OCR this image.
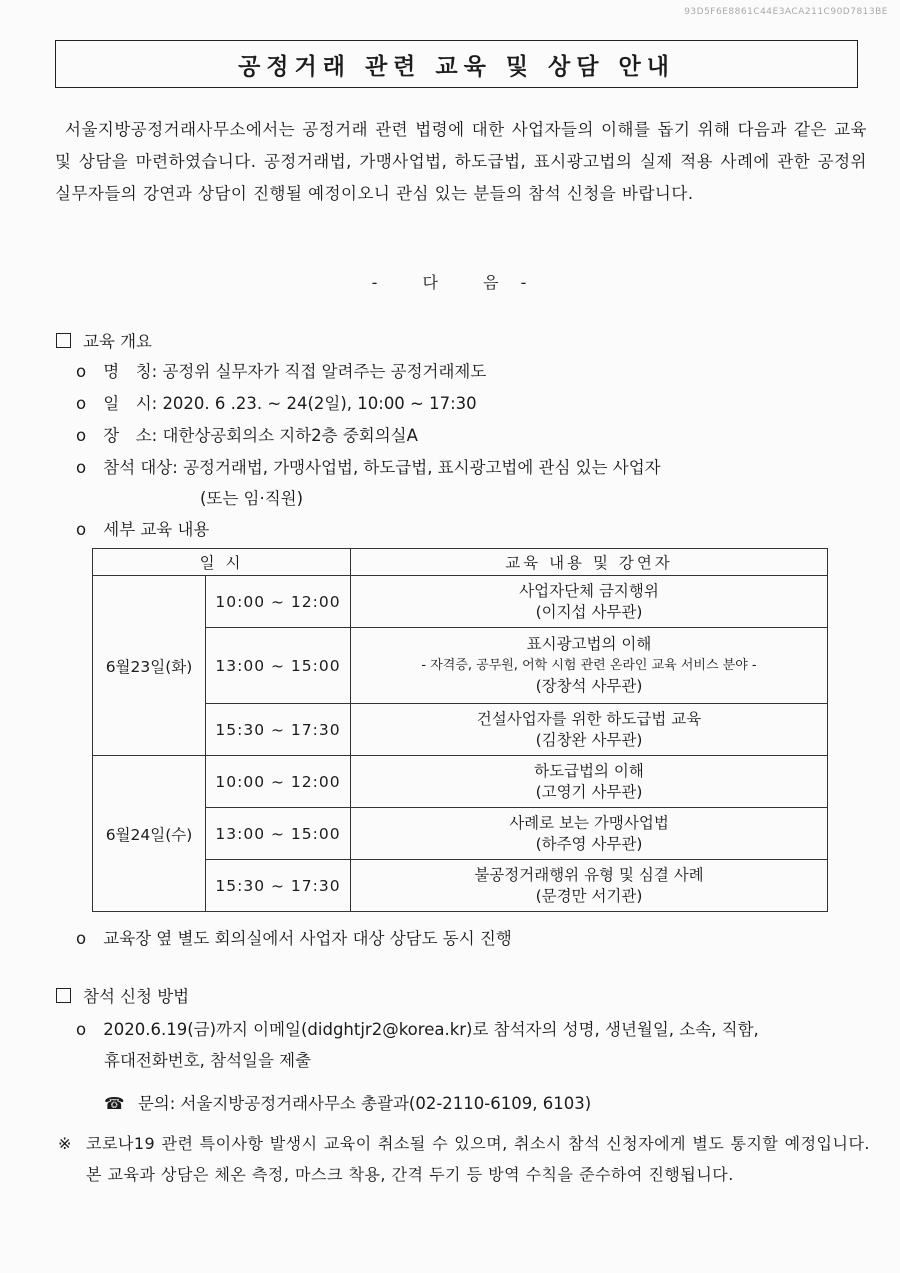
93D5F6E8861C44E3ACA211C90D7813BE
공정거래 관련 교육 및 상담 안내
서울지방공정거래사무소에서는 공정거래 관련 법령에 대한 사업자들의 이해를 돕기 위해 다음과 같은 교육 및 상담을 마련하였습니다. 공정거래법, 가맹사업법, 하도급법, 표시광고법의 실제 적용 사례에 관한 공정위 실무자들의 강연과 상담이 진행될 예정이오니 관심 있는 분들의 참석 신청을 바랍니다.
-	다	음 -
교육 개요
ο 명　칭: 공정위 실무자가 직접 알려주는 공정거래제도
ο 일　시: 2020. 6 .23. ~ 24(2일), 10:00 ~ 17:30
ο 장　소: 대한상공회의소 지하2층 중회의실A
ο 참석 대상: 공정거래법, 가맹사업법, 하도급법, 표시광고법에 관심 있는 사업자
(또는 임·직원)
ο 세부 교육 내용
일 시		교육 내용 및 강연자
6월23일(화)	10:00 ~ 12:00	사업자단체 금지행위
(이지섭 사무관)

	13:00 ~ 15:00	표시광고법의 이해
- 자격증, 공무원, 어학 시험 관련 온라인 교육 서비스 분야 -
(장창석 사무관)

	15:30 ~ 17:30	건설사업자를 위한 하도급법 교육
(김창완 사무관)

6월24일(수)	10:00 ~ 12:00	하도급법의 이해
(고영기 사무관)

	13:00 ~ 15:00	사례로 보는 가맹사업법
(하주영 사무관)

	15:30 ~ 17:30	불공정거래행위 유형 및 심결 사례
(문경만 서기관)
ο 교육장 옆 별도 회의실에서 사업자 대상 상담도 동시 진행
참석 신청 방법
ο 2020.6.19(금)까지 이메일(didghtjr2@korea.kr)로 참석자의 성명, 생년월일, 소속, 직함,
휴대전화번호, 참석일을 제출
☎ 문의: 서울지방공정거래사무소 총괄과(02-2110-6109, 6103)
※ 코로나19 관련 특이사항 발생시 교육이 취소될 수 있으며, 취소시 참석 신청자에게 별도 통지할 예정입니다. 본 교육과 상담은 체온 측정, 마스크 착용, 간격 두기 등 방역 수칙을 준수하여 진행됩니다.
